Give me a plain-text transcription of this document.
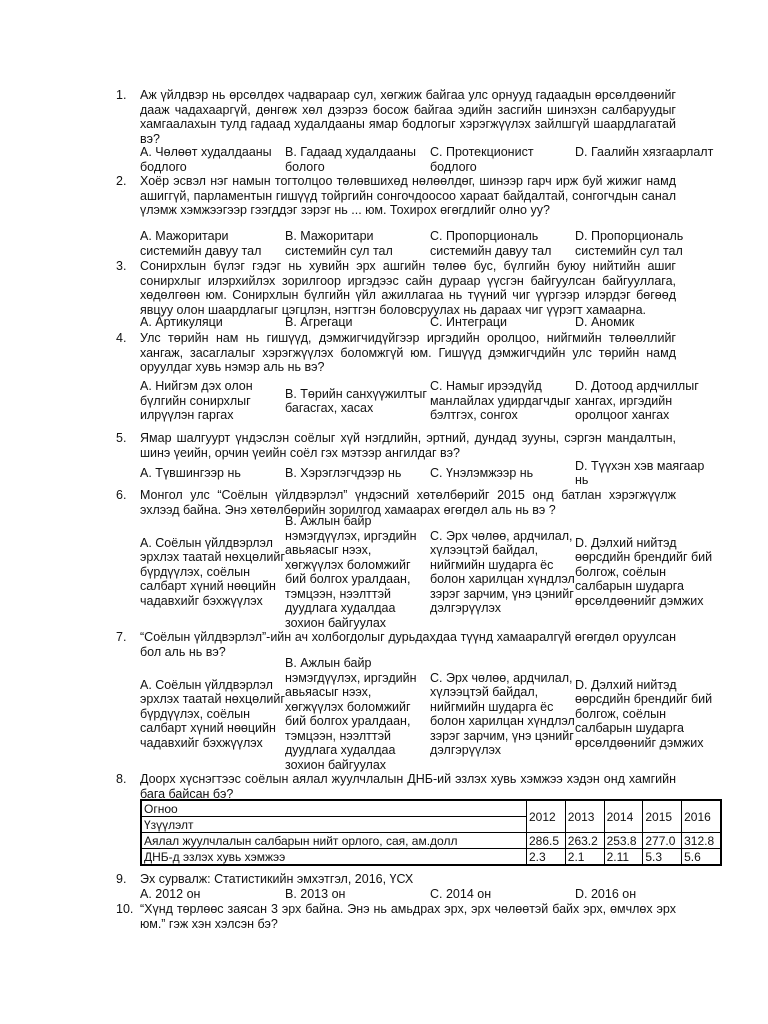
1. Аж үйлдвэр нь өрсөлдөх чадвараар сул, хөгжиж байгаа улс орнууд гадаадын өрсөлдөөнийг дааж чадахааргүй, дөнгөж хөл дээрээ босож байгаа эдийн засгийн шинэхэн салбаруудыг хамгаалахын тулд гадаад худалдааны ямар бодлогыг хэрэгжүүлэх зайлшгүй шаардлагатай вэ?
A. Чөлөөт худалдааны бодлого
B. Гадаад худалдааны бологo
C. Протекционист бодлого
D. Гаалийн хязгаарлалт
2. Хоёр эсвэл нэг намын тогтолцоо төлөвшихөд нөлөөлдөг, шинээр гарч ирж буй жижиг намд ашиггүй, парламентын гишүүд тойргийн сонгочдоосоо хараат байдалтай, сонгогчдын санал үлэмж хэмжээгээр гээгддэг зэрэг нь ... юм. Тохирох өгөгдлийг олно уу?
A. Мажоритари системийн давуу тал
B. Мажоритари системийн сул тал
C. Пропорциональ системийн давуу тал
D. Пропорциональ системийн сул тал
3. Сонирхлын бүлэг гэдэг нь хувийн эрх ашгийн төлөө бус, бүлгийн буюу нийтийн ашиг сонирхлыг илэрхийлэх зорилгоор иргэдээс сайн дураар үүсгэн байгуулсан байгууллага, хөдөлгөөн юм. Сонирхлын бүлгийн үйл ажиллагаа нь түүний чиг үүргээр илэрдэг бөгөөд явцуу олон шаардлагыг цэгцлэн, нэгтгэн боловсруулах нь дараах чиг үүрэгт хамаарна.
A. Артикуляци	B. Агрегаци	C. Интеграци	D. Аномик
4. Улс төрийн нам нь гишүүд, дэмжигчидүйгээр иргэдийн оролцоо, нийгмийн төлөөллийг хангаж, засаглалыг хэрэгжүүлэх боломжгүй юм. Гишүүд дэмжигчдийн улс төрийн намд оруулдаг хувь нэмэр аль нь вэ?
A. Нийгэм дэх олон бүлгийн сонирхлыг илрүүлэн гаргах
B. Төрийн санхүүжилтыг багасгах, хасах
C. Намыг ирээдүйд манлайлах удирдагчдыг бэлтгэх, сонгох
D. Дотоод ардчиллыг хангах, иргэдийн оролцоог хангах
5. Ямар шалгуурт үндэслэн соёлыг хүй нэгдлийн, эртний, дундад зууны, сэргэн мандалтын, шинэ үеийн, орчин үеийн соёл гэх мэтээр ангилдаг вэ?
A. Түвшингээр нь	B. Хэрэглэгчдээр нь C. Үнэлэмжээр нь
D. Түүхэн хэв маягаар нь
6. Монгол улс “Соёлын үйлдвэрлэл” үндэсний хөтөлбөрийг 2015 онд батлан хэрэгжүүлж эхлээд байна. Энэ хөтөлбөрийн зорилгод хамаарах өгөгдөл аль нь вэ ?
A. Соёлын үйлдвэрлэл эрхлэх таатай нөхцөлийг бүрдүүлэх, соёлын салбарт хүний нөөцийн чадавхийг бэхжүүлэх
B. Ажлын байр нэмэгдүүлэх, иргэдийн авьяасыг нээх, хөгжүүлэх боломжийг бий болгох уралдаан, тэмцээн, нээлттэй дуудлага худалдаа зохион байгуулах
C. Эрх чөлөө, ардчилал, хүлээцтэй байдал, нийгмийн шударга ёс болон харилцан хүндлэл зэрэг зарчим, үнэ цэнийг дэлгэрүүлэх
D. Дэлхий нийтэд өөрсдийн брендийг бий болгож, соёлын салбарын шударга өрсөлдөөнийг дэмжих
7. “Соёлын үйлдвэрлэл”-ийн ач холбогдолыг дурьдахдаа түүнд хамааралгүй өгөгдөл оруулсан бол аль нь вэ?
A. Соёлын үйлдвэрлэл эрхлэх таатай нөхцөлийг бүрдүүлэх, соёлын салбарт хүний нөөцийн чадавхийг бэхжүүлэх
B. Ажлын байр нэмэгдүүлэх, иргэдийн авьяасыг нээх, хөгжүүлэх боломжийг бий болгох уралдаан, тэмцээн, нээлттэй дуудлага худалдаа зохион байгуулах
C. Эрх чөлөө, ардчилал, хүлээцтэй байдал, нийгмийн шударга ёс болон харилцан хүндлэл зэрэг зарчим, үнэ цэнийг дэлгэрүүлэх
D. Дэлхий нийтэд өөрсдийн брендийг бий болгож, соёлын салбарын шударга өрсөлдөөнийг дэмжих
8. Доорх хүснэгтээс соёлын аялал жуулчлалын ДНБ-ий эзлэх хувь хэмжээ хэдэн онд хамгийн бага байсан бэ?
Огноо	2012	2013	2014	2015	2016
Үзүүлэлт					
Аялал жуулчлалын салбарын нийт орлого, сая, ам.долл	286.5	263.2	253.8	277.0	312.8
ДНБ-д эзлэх хувь хэмжээ	2.3	2.1	2.11	5.3	5.6
9. Эх сурвалж: Статистикийн эмхэтгэл, 2016, ҮСХ
A. 2012 он	B. 2013 он	C. 2014 он	D. 2016 он
10. “Хүнд төрлөөс заясан 3 эрх байна. Энэ нь амьдрах эрх, эрх чөлөөтэй байх эрх, өмчлөх эрх юм.” гэж хэн хэлсэн бэ?
